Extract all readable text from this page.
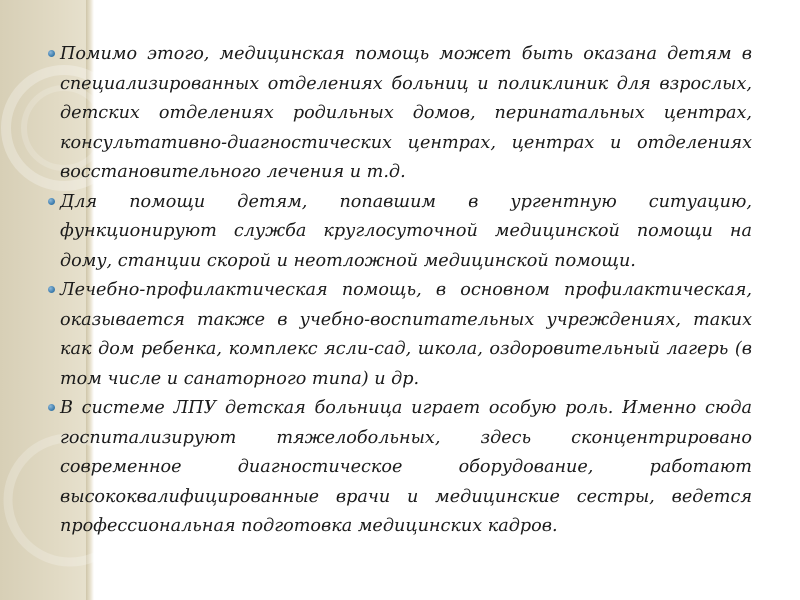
Помимо этого, медицинская помощь может быть оказана детям в специализированных отделениях больниц и поликлиник для взрослых, детских отделениях родильных домов, перинатальных центрах, консультативно-диагностических центрах, центрах и отделениях восстановительного лечения и т.д.

Для помощи детям, попавшим в ургентную ситуацию, функционируют служба круглосуточной медицинской помощи на дому, станции скорой и неотложной медицинской помощи.

Лечебно-профилактическая помощь, в основном профилактическая, оказывается также в учебно-воспитательных учреждениях, таких как дом ребенка, комплекс ясли-сад, школа, оздоровительный лагерь (в том числе и санаторного типа) и др.

В системе ЛПУ детская больница играет особую роль. Именно сюда госпитализируют тяжелобольных, здесь сконцентрировано современное диагностическое оборудование, работают высококвалифицированные врачи и медицинские сестры, ведется профессиональная подготовка медицинских кадров.
